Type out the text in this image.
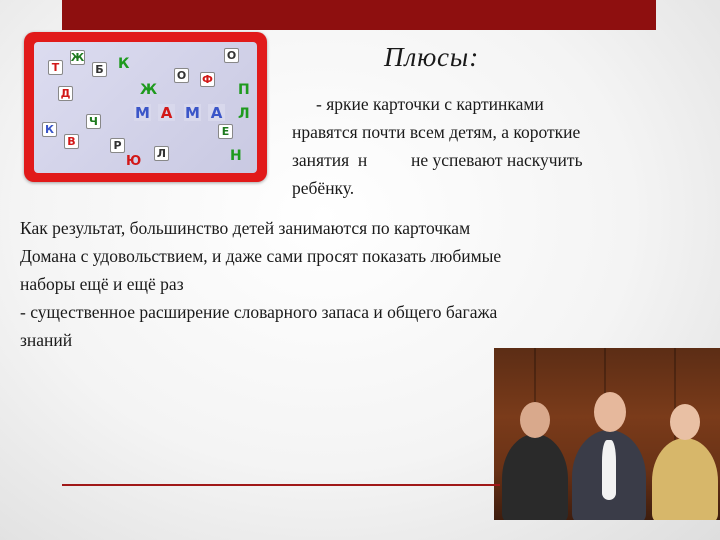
Т
Ж
Б К
Д	Ж
О Ф
О
П
К
В
Ч
Р
Ю
Л
Е
Н
Л
М А М А
Плюсы:
- яркие карточки с картинками
нравятся почти всем детям, а короткие
занятия  н          не успевают наскучить
ребёнку.
Как результат, большинство детей занимаются по карточкам
Домана с удовольствием, и даже сами просят показать любимые
наборы ещё и ещё раз
- существенное расширение словарного запаса и общего багажа
знаний
